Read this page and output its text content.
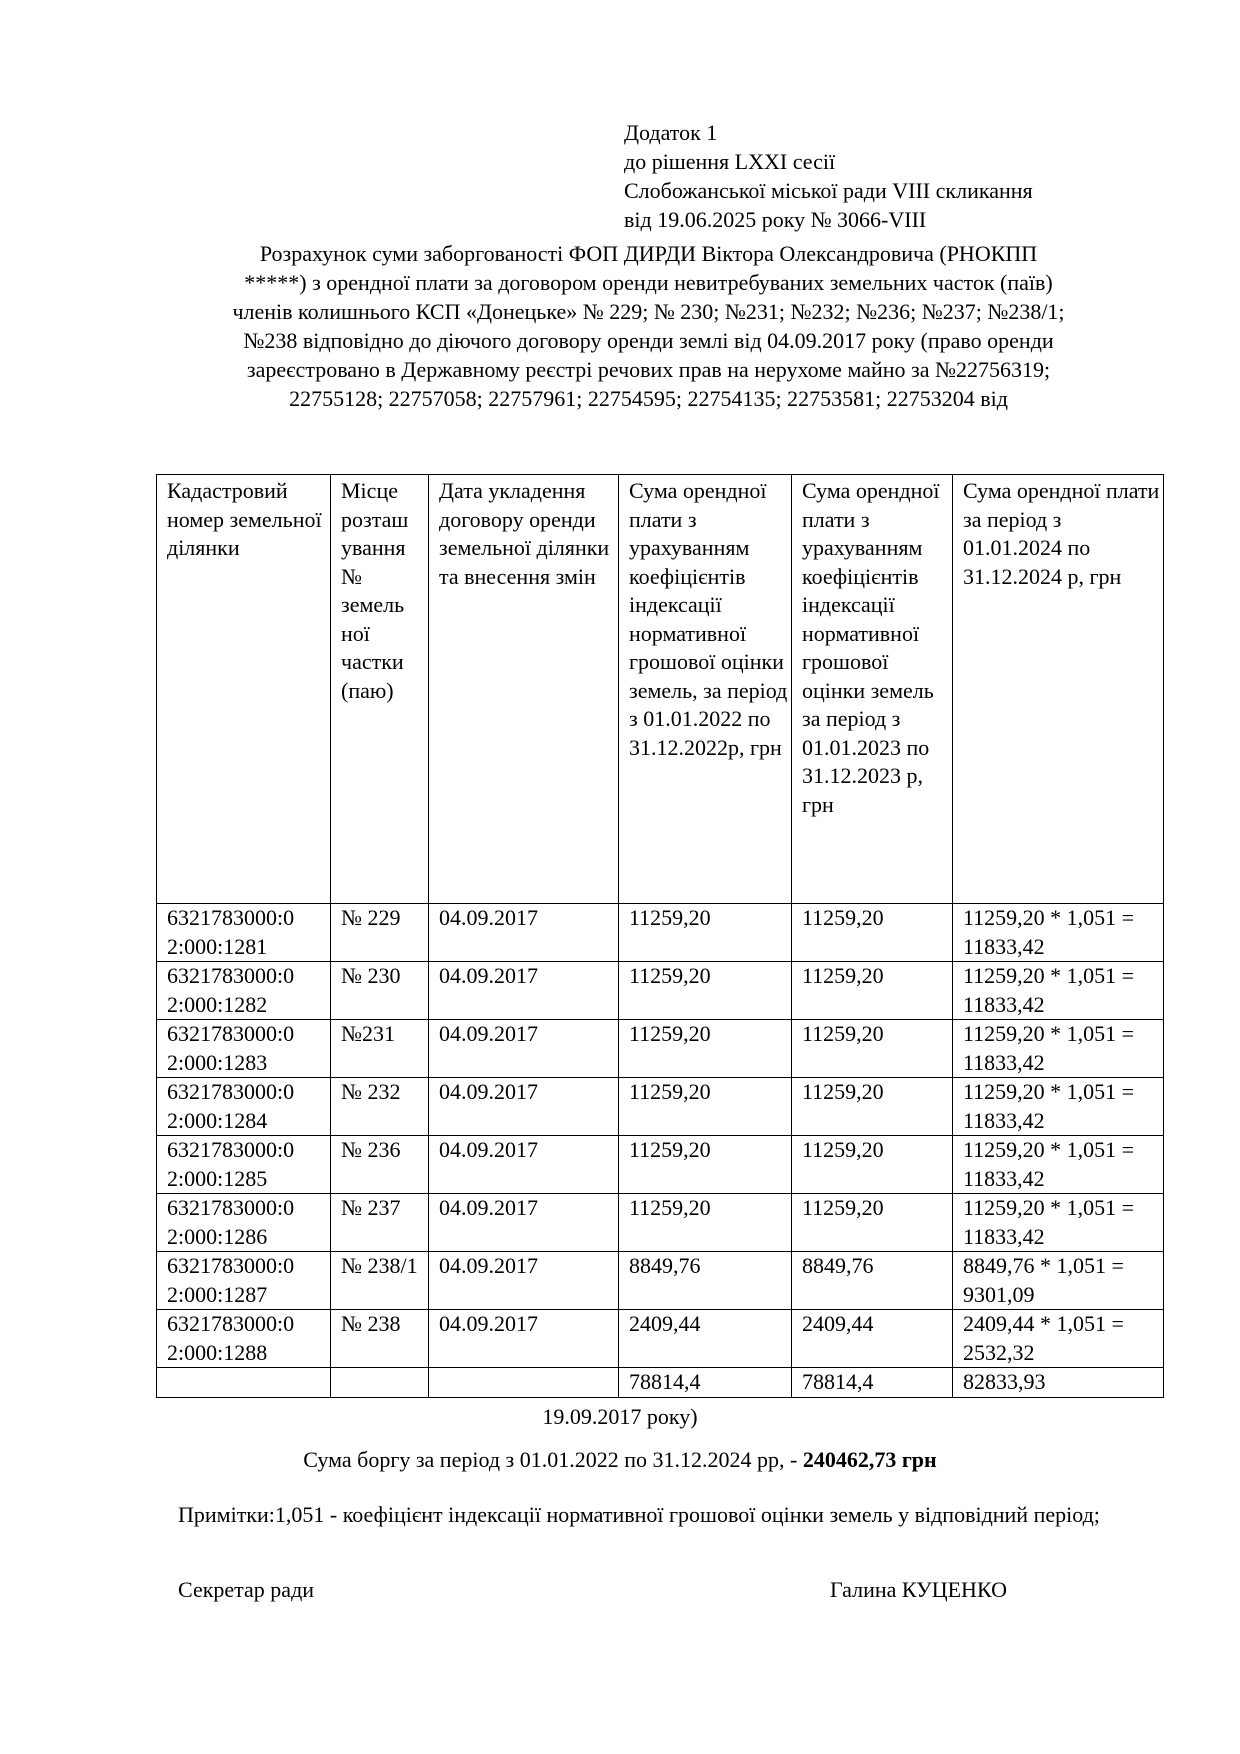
Додаток 1
до рішення LXXI сесії
Слобожанської міської ради VIII скликання
від 19.06.2025 року № 3066-VIII
Розрахунок суми заборгованості ФОП ДИРДИ Віктора Олександровича (РНОКПП
*****) з орендної плати за договором оренди невитребуваних земельних часток (паїв)
членів колишнього КСП «Донецьке» № 229; № 230; №231; №232; №236; №237; №238/1;
№238 відповідно до діючого договору оренди землі від 04.09.2017 року (право оренди
зареєстровано в Державному реєстрі речових прав на нерухоме майно за №22756319;
22755128; 22757058; 22757961; 22754595; 22754135; 22753581; 22753204 від
Кадастровий номер земельної ділянки	Місце розташ ування № земель ної частки (паю)	Дата укладення договору оренди земельної ділянки та внесення змін	Сума орендної плати з урахуванням коефіцієнтів індексації нормативної грошової оцінки земель, за період з 01.01.2022 по 31.12.2022р, грн	Сума орендної плати з урахуванням коефіцієнтів індексації нормативної грошової оцінки земель за період з 01.01.2023 по 31.12.2023 р, грн	Сума орендної плати за період з 01.01.2024 по 31.12.2024 р, грн
6321783000:0 2:000:1281	№ 229	04.09.2017	11259,20	11259,20	11259,20 * 1,051 = 11833,42
6321783000:0 2:000:1282	№ 230	04.09.2017	11259,20	11259,20	11259,20 * 1,051 = 11833,42
6321783000:0 2:000:1283	№231	04.09.2017	11259,20	11259,20	11259,20 * 1,051 = 11833,42
6321783000:0 2:000:1284	№ 232	04.09.2017	11259,20	11259,20	11259,20 * 1,051 = 11833,42
6321783000:0 2:000:1285	№ 236	04.09.2017	11259,20	11259,20	11259,20 * 1,051 = 11833,42
6321783000:0 2:000:1286	№ 237	04.09.2017	11259,20	11259,20	11259,20 * 1,051 = 11833,42
6321783000:0 2:000:1287	№ 238/1	04.09.2017	8849,76	8849,76	8849,76 * 1,051 = 9301,09
6321783000:0 2:000:1288	№ 238	04.09.2017	2409,44	2409,44	2409,44 * 1,051 = 2532,32
			78814,4	78814,4	82833,93
19.09.2017 року)
Сума боргу за період з 01.01.2022 по 31.12.2024 рр, - 240462,73 грн
Примітки:1,051 - коефіцієнт індексації нормативної грошової оцінки земель у відповідний період;
Секретар ради	Галина КУЦЕНКО
